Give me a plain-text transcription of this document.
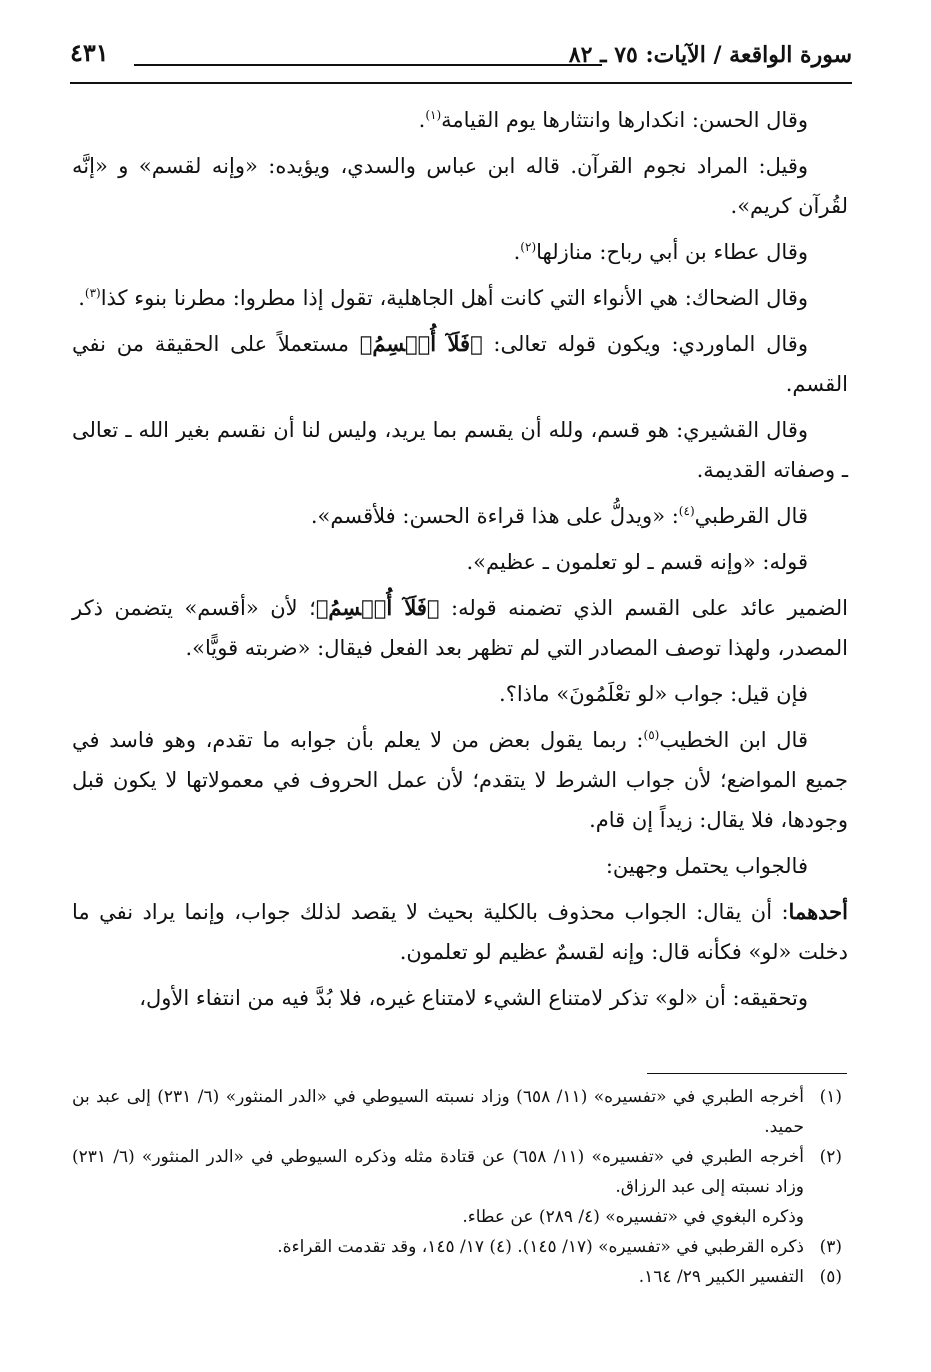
سورة الواقعة / الآيات: ٧٥ ـ ٨٢
٤٣١

وقال الحسن: انكدارها وانتثارها يوم القيامة$^{(١)}$.

وقيل: المراد نجوم القرآن. قاله ابن عباس والسدي، ويؤيده: «وإنه لقسم» و «إنَّه لقُرآن كريم».

وقال عطاء بن أبي رباح: منازلها$^{(٢)}$.

وقال الضحاك: هي الأنواء التي كانت أهل الجاهلية، تقول إذا مطروا: مطرنا بنوء كذا$^{(٣)}$.

وقال الماوردي: ويكون قوله تعالى: ﴿فَلَآ أُقۡسِمُ﴾ مستعملاً على الحقيقة من نفي القسم.

وقال القشيري: هو قسم، ولله أن يقسم بما يريد، وليس لنا أن نقسم بغير الله ـ تعالى ـ وصفاته القديمة.

قال القرطبي$^{(٤)}$: «ويدلُّ على هذا قراءة الحسن: فلأقسم».

قوله: «وإنه قسم ـ لو تعلمون ـ عظيم».

الضمير عائد على القسم الذي تضمنه قوله: ﴿فَلَآ أُقۡسِمُ﴾؛ لأن «أقسم» يتضمن ذكر المصدر، ولهذا توصف المصادر التي لم تظهر بعد الفعل فيقال: «ضربته قويًّا».

فإن قيل: جواب «لو تعْلَمُونَ» ماذا؟.

قال ابن الخطيب$^{(٥)}$: ربما يقول بعض من لا يعلم بأن جوابه ما تقدم، وهو فاسد في جميع المواضع؛ لأن جواب الشرط لا يتقدم؛ لأن عمل الحروف في معمولاتها لا يكون قبل وجودها، فلا يقال: زيداً إن قام.

فالجواب يحتمل وجهين:

أحدهما: أن يقال: الجواب محذوف بالكلية بحيث لا يقصد لذلك جواب، وإنما يراد نفي ما دخلت «لو» فكأنه قال: وإنه لقسمٌ عظيم لو تعلمون.

وتحقيقه: أن «لو» تذكر لامتناع الشيء لامتناع غيره، فلا بُدَّ فيه من انتفاء الأول،

(١)
أخرجه الطبري في «تفسيره» (١١/ ٦٥٨) وزاد نسبته السيوطي في «الدر المنثور» (٦/ ٢٣١) إلى عبد بن حميد.
(٢)
أخرجه الطبري في «تفسيره» (١١/ ٦٥٨) عن قتادة مثله وذكره السيوطي في «الدر المنثور» (٦/ ٢٣١) وزاد نسبته إلى عبد الرزاق.
وذكره البغوي في «تفسيره» (٤/ ٢٨٩) عن عطاء.
(٣)
ذكره القرطبي في «تفسيره» (١٧/ ١٤٥). (٤) ١٧/ ١٤٥، وقد تقدمت القراءة.
(٥)
التفسير الكبير ٢٩/ ١٦٤.
